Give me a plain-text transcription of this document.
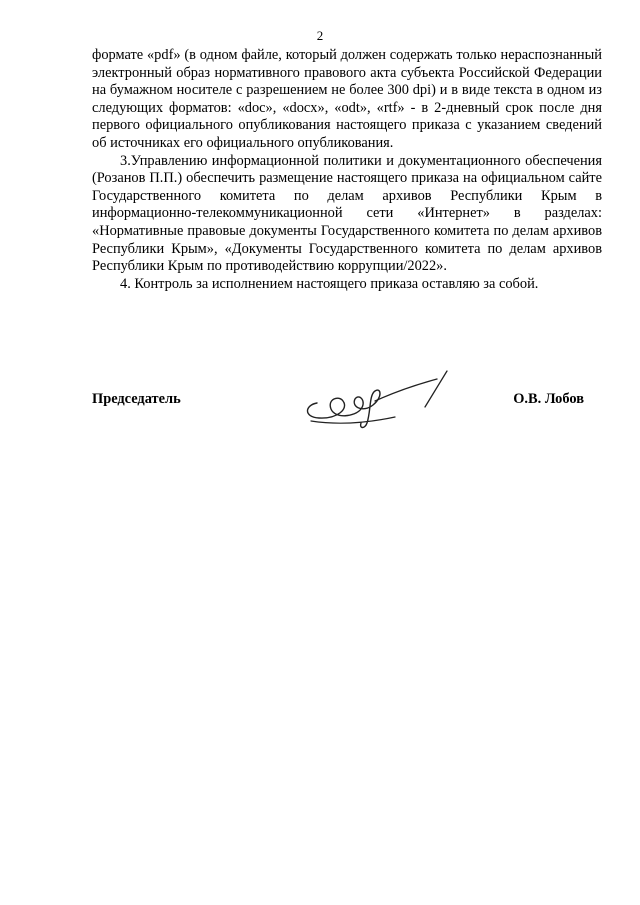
2

формате «pdf» (в одном файле, который должен содержать только нераспознанный электронный образ нормативного правового акта субъекта Российской Федерации на бумажном носителе с разрешением не более 300 dpi) и в виде текста в одном из следующих форматов: «doc», «docx», «odt», «rtf» - в 2-дневный срок после дня первого официального опубликования настоящего приказа с указанием сведений об источниках его официального опубликования.

3.Управлению информационной политики и документационного обеспечения (Розанов П.П.) обеспечить размещение настоящего приказа на официальном сайте Государственного комитета по делам архивов Республики Крым в информационно-телекоммуникационной сети «Интернет» в разделах: «Нормативные правовые документы Государственного комитета по делам архивов Республики Крым», «Документы Государственного комитета по делам архивов Республики Крым по противодействию коррупции/2022».

4. Контроль за исполнением настоящего приказа оставляю за собой.

Председатель	О.В. Лобов
